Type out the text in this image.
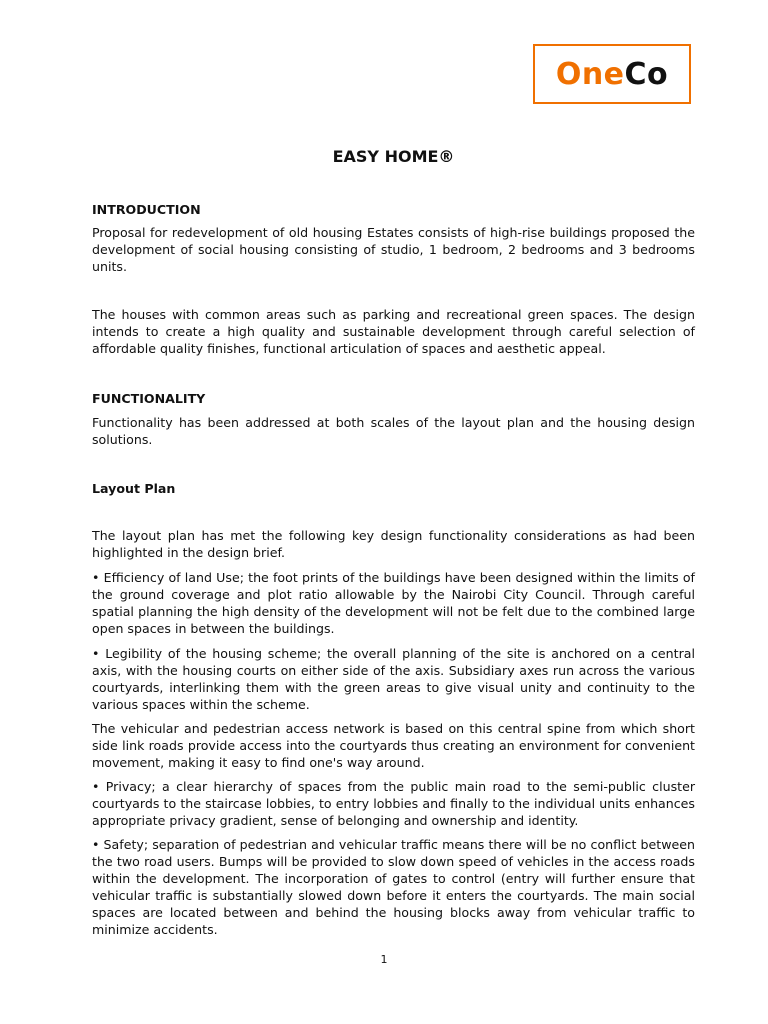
One Co
EASY HOME®
INTRODUCTION

Proposal for redevelopment of old housing Estates consists of high-rise buildings proposed the development of social housing consisting of studio, 1 bedroom, 2 bedrooms and 3 bedrooms units.

The houses with common areas such as parking and recreational green spaces. The design intends to create a high quality and sustainable development through careful selection of affordable quality finishes, functional articulation of spaces and aesthetic appeal.

FUNCTIONALITY

Functionality has been addressed at both scales of the layout plan and the housing design solutions.

Layout Plan

The layout plan has met the following key design functionality considerations as had been highlighted in the design brief.

• Efficiency of land Use; the foot prints of the buildings have been designed within the limits of the ground coverage and plot ratio allowable by the Nairobi City Council. Through careful spatial planning the high density of the development will not be felt due to the combined large open spaces in between the buildings.

• Legibility of the housing scheme; the overall planning of the site is anchored on a central axis, with the housing courts on either side of the axis. Subsidiary axes run across the various courtyards, interlinking them with the green areas to give visual unity and continuity to the various spaces within the scheme.

The vehicular and pedestrian access network is based on this central spine from which short side link roads provide access into the courtyards thus creating an environment for convenient movement, making it easy to find one's way around.

• Privacy; a clear hierarchy of spaces from the public main road to the semi-public cluster courtyards to the staircase lobbies, to entry lobbies and finally to the individual units enhances appropriate privacy gradient, sense of belonging and ownership and identity.

• Safety; separation of pedestrian and vehicular traffic means there will be no conflict between the two road users. Bumps will be provided to slow down speed of vehicles in the access roads within the development. The incorporation of gates to control (entry will further ensure that vehicular traffic is substantially slowed down before it enters the courtyards. The main social spaces are located between and behind the housing blocks away from vehicular traffic to minimize accidents.

1
